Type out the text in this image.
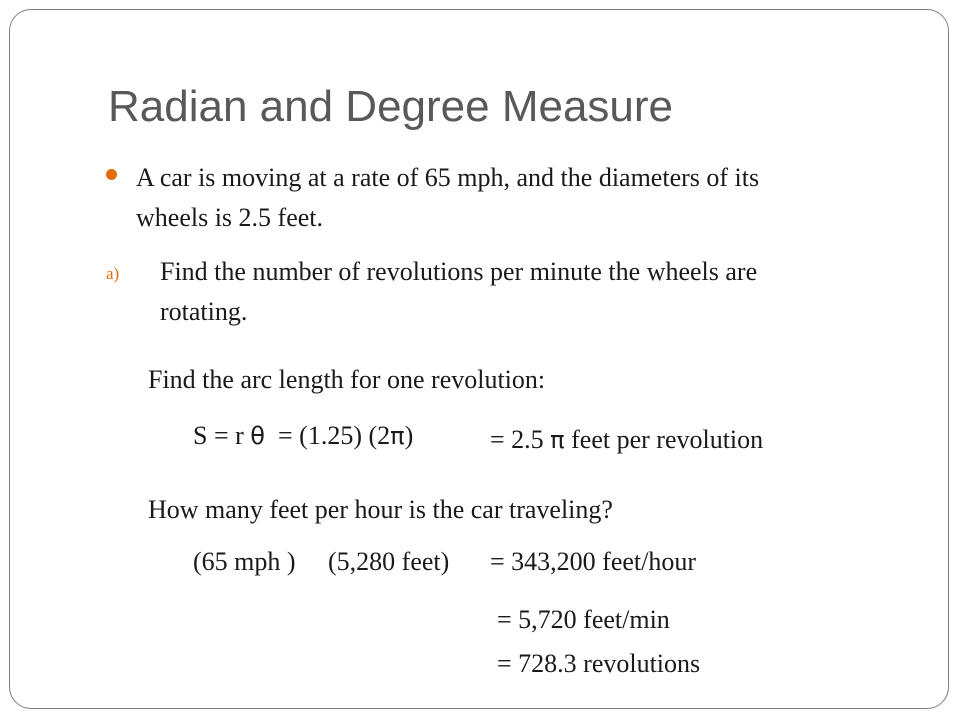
Radian and Degree Measure
A car is moving at a rate of 65 mph, and the diameters of its
wheels is 2.5 feet.
a) Find the number of revolutions per minute the wheels are
rotating.
Find the arc length for one revolution:
S = r θ = (1.25) (2π)	= 2.5 π feet per revolution
How many feet per hour is the car traveling?
(65 mph ) (5,280 feet) = 343,200 feet/hour
= 5,720 feet/min
= 728.3 revolutions
